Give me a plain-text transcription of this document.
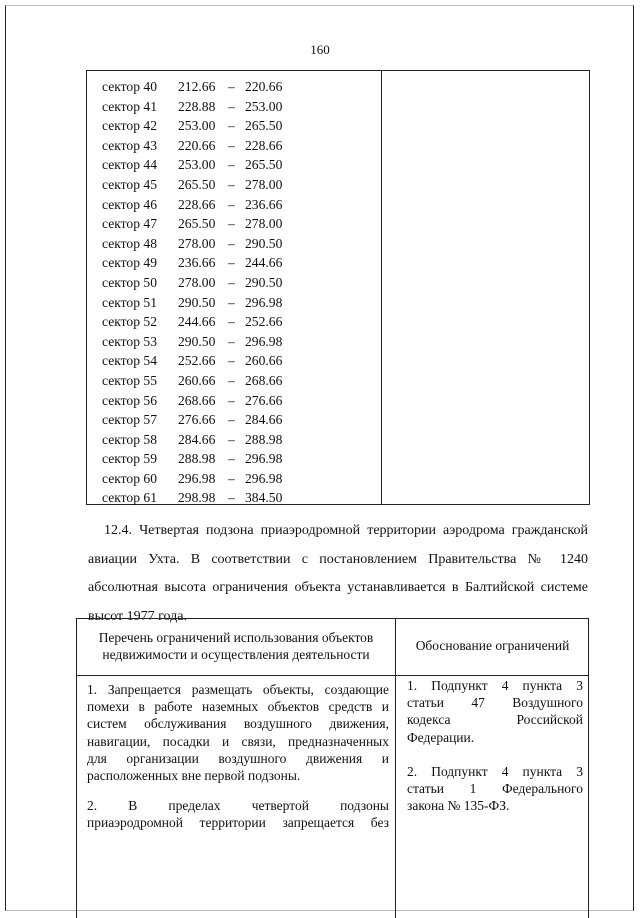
160
сектор 40 212.66 – 220.66
сектор 41 228.88 – 253.00
сектор 42 253.00 – 265.50
сектор 43 220.66 – 228.66
сектор 44 253.00 – 265.50
сектор 45 265.50 – 278.00
сектор 46 228.66 – 236.66
сектор 47 265.50 – 278.00
сектор 48 278.00 – 290.50
сектор 49 236.66 – 244.66
сектор 50 278.00 – 290.50
сектор 51 290.50 – 296.98
сектор 52 244.66 – 252.66
сектор 53 290.50 – 296.98
сектор 54 252.66 – 260.66
сектор 55 260.66 – 268.66
сектор 56 268.66 – 276.66
сектор 57 276.66 – 284.66
сектор 58 284.66 – 288.98
сектор 59 288.98 – 296.98
сектор 60 296.98 – 296.98
сектор 61 298.98 – 384.50
12.4. Четвертая подзона приаэродромной территории аэродрома гражданской
авиации Ухта. В соответствии с постановлением Правительства № 1240
абсолютная высота ограничения объекта устанавливается в Балтийской системе
высот 1977 года.
Перечень ограничений использования объектов
недвижимости и осуществления деятельности
Обоснование ограничений
1. Запрещается размещать объекты, создающие
помехи в работе наземных объектов средств и
систем обслуживания воздушного движения,
навигации, посадки и связи, предназначенных
для организации воздушного движения и
расположенных вне первой подзоны.
2. В пределах четвертой подзоны
приаэродромной территории запрещается без
1. Подпункт 4 пункта 3
статьи 47 Воздушного
кодекса Российской
Федерации.
2. Подпункт 4 пункта 3
статьи 1 Федерального
закона № 135-ФЗ.
